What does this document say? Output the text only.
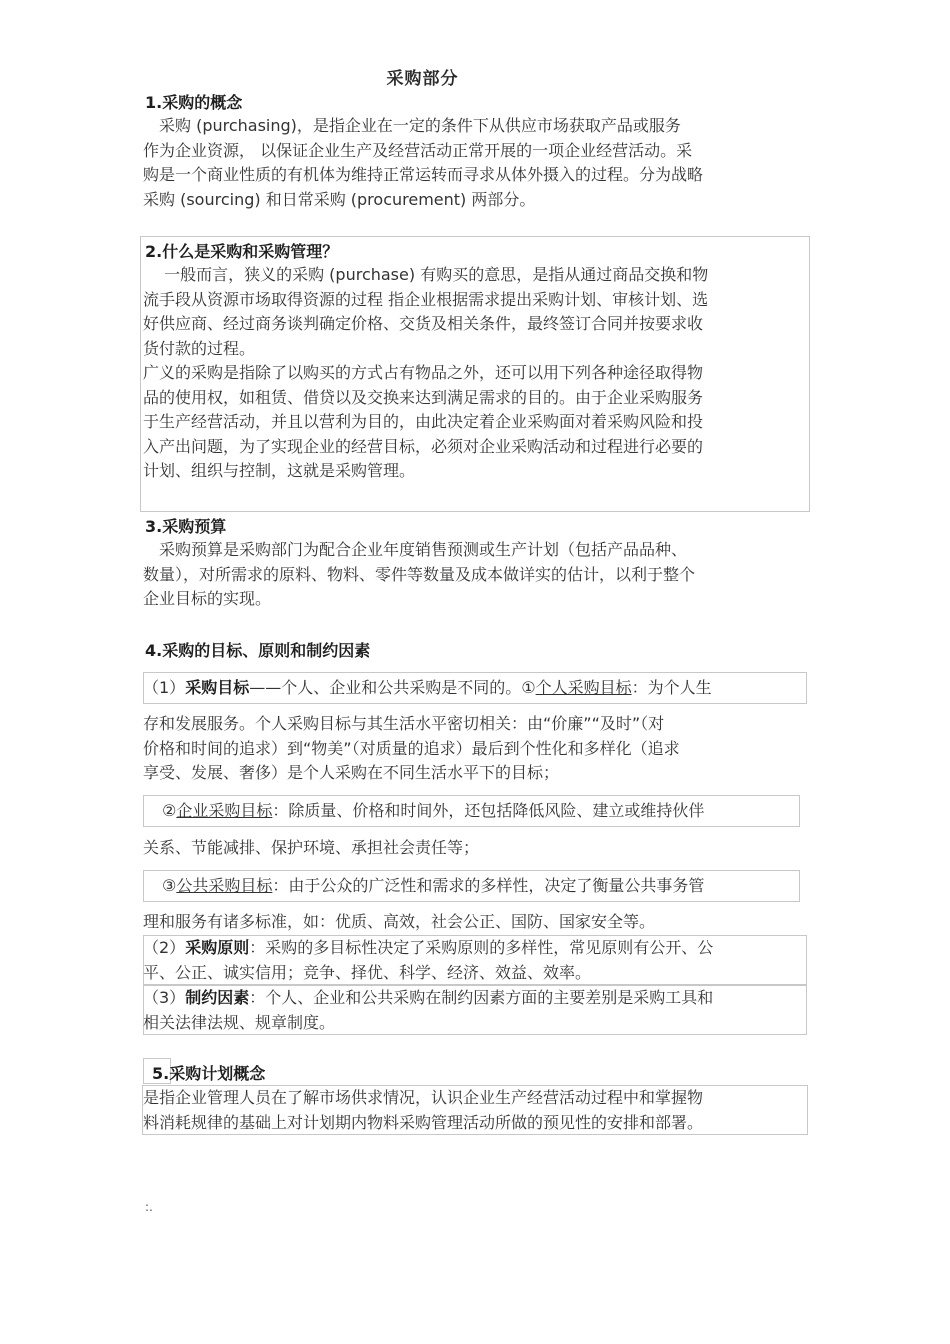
采购部分
1.采购的概念
　采购 (purchasing)，是指企业在一定的条件下从供应市场获取产品或服务
作为企业资源， 以保证企业生产及经营活动正常开展的一项企业经营活动。采
购是一个商业性质的有机体为维持正常运转而寻求从体外摄入的过程。分为战略
采购 (sourcing) 和日常采购 (procurement) 两部分。
2.什么是采购和采购管理？
　 一般而言，狭义的采购 (purchase) 有购买的意思，是指从通过商品交换和物
流手段从资源市场取得资源的过程 指企业根据需求提出采购计划、审核计划、选
好供应商、经过商务谈判确定价格、交货及相关条件，最终签订合同并按要求收
货付款的过程。
广义的采购是指除了以购买的方式占有物品之外，还可以用下列各种途径取得物
品的使用权，如租赁、借贷以及交换来达到满足需求的目的。由于企业采购服务
于生产经营活动，并且以营利为目的，由此决定着企业采购面对着采购风险和投
入产出问题，为了实现企业的经营目标，必须对企业采购活动和过程进行必要的
计划、组织与控制，这就是采购管理。
3.采购预算
　采购预算是采购部门为配合企业年度销售预测或生产计划（包括产品品种、
数量），对所需求的原料、物料、零件等数量及成本做详实的估计，以利于整个
企业目标的实现。
4.采购的目标、原则和制约因素
（1）采购目标——个人、企业和公共采购是不同的。①个人采购目标：为个人生
存和发展服务。个人采购目标与其生活水平密切相关：由“价廉”“及时”（对
价格和时间的追求）到“物美”（对质量的追求）最后到个性化和多样化（追求
享受、发展、奢侈）是个人采购在不同生活水平下的目标；
②企业采购目标：除质量、价格和时间外，还包括降低风险、建立或维持伙伴
关系、节能减排、保护环境、承担社会责任等；
③公共采购目标：由于公众的广泛性和需求的多样性，决定了衡量公共事务管
理和服务有诸多标准，如：优质、高效，社会公正、国防、国家安全等。
（2）采购原则：采购的多目标性决定了采购原则的多样性，常见原则有公开、公
平、公正、诚实信用；竞争、择优、科学、经济、效益、效率。
（3）制约因素：个人、企业和公共采购在制约因素方面的主要差别是采购工具和
相关法律法规、规章制度。
5.采购计划概念
是指企业管理人员在了解市场供求情况，认识企业生产经营活动过程中和掌握物
料消耗规律的基础上对计划期内物料采购管理活动所做的预见性的安排和部署。
:.
